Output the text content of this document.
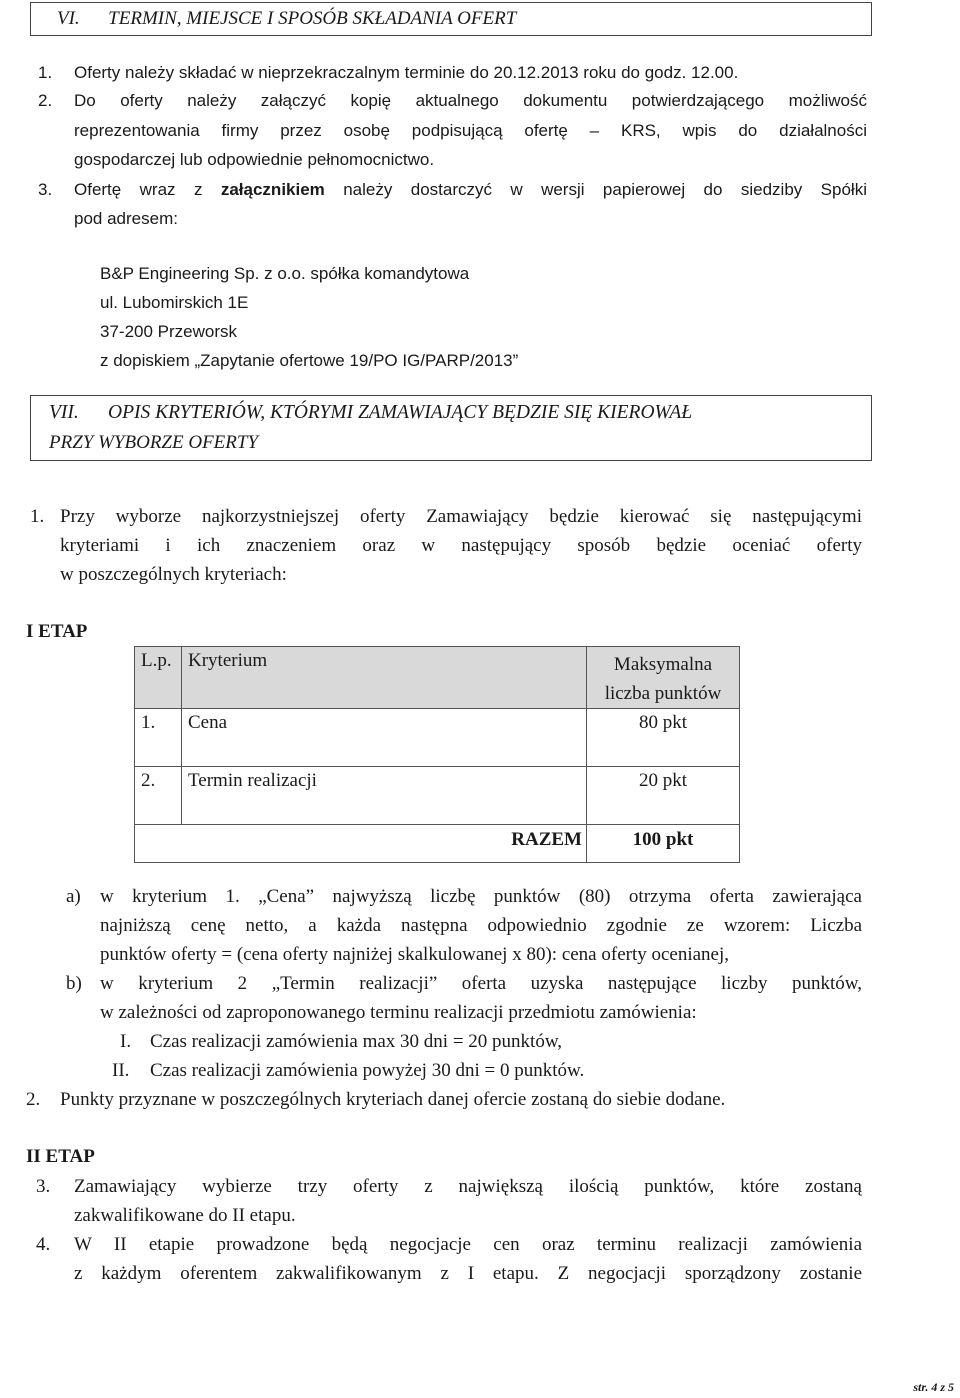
VI.      TERMIN, MIEJSCE I SPOSÓB SKŁADANIA OFERT
1. Oferty należy składać w nieprzekraczalnym terminie do 20.12.2013 roku do godz. 12.00.
2. Do oferty należy załączyć kopię aktualnego dokumentu potwierdzającego możliwość
reprezentowania firmy przez osobę podpisującą ofertę – KRS, wpis do działalności
gospodarczej lub odpowiednie pełnomocnictwo.
3. Ofertę wraz z załącznikiem należy dostarczyć w wersji papierowej do siedziby Spółki
pod adresem:
B&P Engineering Sp. z o.o. spółka komandytowa
ul. Lubomirskich 1E
37-200 Przeworsk
z dopiskiem „Zapytanie ofertowe 19/PO IG/PARP/2013”
VII.      OPIS KRYTERIÓW, KTÓRYMI ZAMAWIAJĄCY BĘDZIE SIĘ KIEROWAŁ
PRZY WYBORZE OFERTY
1. Przy wyborze najkorzystniejszej oferty Zamawiający będzie kierować się następującymi
kryteriami i ich znaczeniem oraz w następujący sposób będzie oceniać oferty
w poszczególnych kryteriach:
I ETAP
L.p.	Kryterium	Maksymalna
liczba punktów
1.	Cena	80 pkt
2.	Termin realizacji	20 pkt
RAZEM		100 pkt
a) w kryterium 1. „Cena” najwyższą liczbę punktów (80) otrzyma oferta zawierająca
najniższą cenę netto, a każda następna odpowiednio zgodnie ze wzorem: Liczba
punktów oferty = (cena oferty najniżej skalkulowanej x 80): cena oferty ocenianej,
b) w kryterium 2 „Termin realizacji” oferta uzyska następujące liczby punktów,
w zależności od zaproponowanego terminu realizacji przedmiotu zamówienia:
I. Czas realizacji zamówienia max 30 dni = 20 punktów,
II. Czas realizacji zamówienia powyżej 30 dni = 0 punktów.
2. Punkty przyznane w poszczególnych kryteriach danej ofercie zostaną do siebie dodane.
II ETAP
3. Zamawiający wybierze trzy oferty z największą ilością punktów, które zostaną
zakwalifikowane do II etapu.
4. W II etapie prowadzone będą negocjacje cen oraz terminu realizacji zamówienia
z każdym oferentem zakwalifikowanym z I etapu. Z negocjacji sporządzony zostanie
str. 4 z 5
